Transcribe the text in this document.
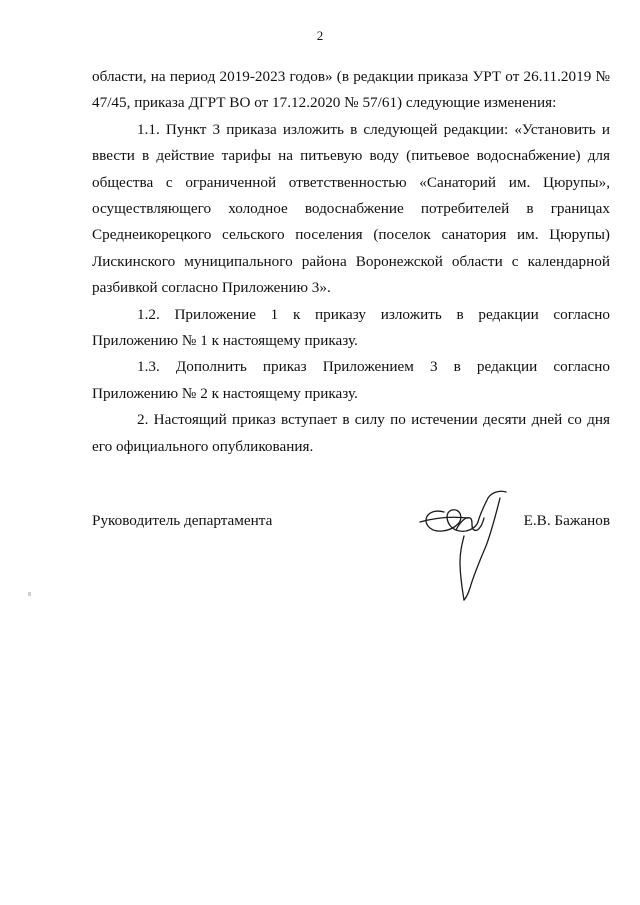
2

области, на период 2019-2023 годов» (в редакции приказа УРТ от 26.11.2019 № 47/45, приказа ДГРТ ВО от 17.12.2020 № 57/61) следующие изменения:

1.1. Пункт 3 приказа изложить в следующей редакции: «Установить и ввести в действие тарифы на питьевую воду (питьевое водоснабжение) для общества с ограниченной ответственностью «Санаторий им. Цюрупы», осуществляющего холодное водоснабжение потребителей в границах Среднеикорецкого сельского поселения (поселок санатория им. Цюрупы) Лискинского муниципального района Воронежской области с календарной разбивкой согласно Приложению 3».

1.2. Приложение 1 к приказу изложить в редакции согласно Приложению № 1 к настоящему приказу.

1.3. Дополнить приказ Приложением 3 в редакции согласно Приложению № 2 к настоящему приказу.

2. Настоящий приказ вступает в силу по истечении десяти дней со дня его официального опубликования.

Руководитель департамента	Е.В. Бажанов
